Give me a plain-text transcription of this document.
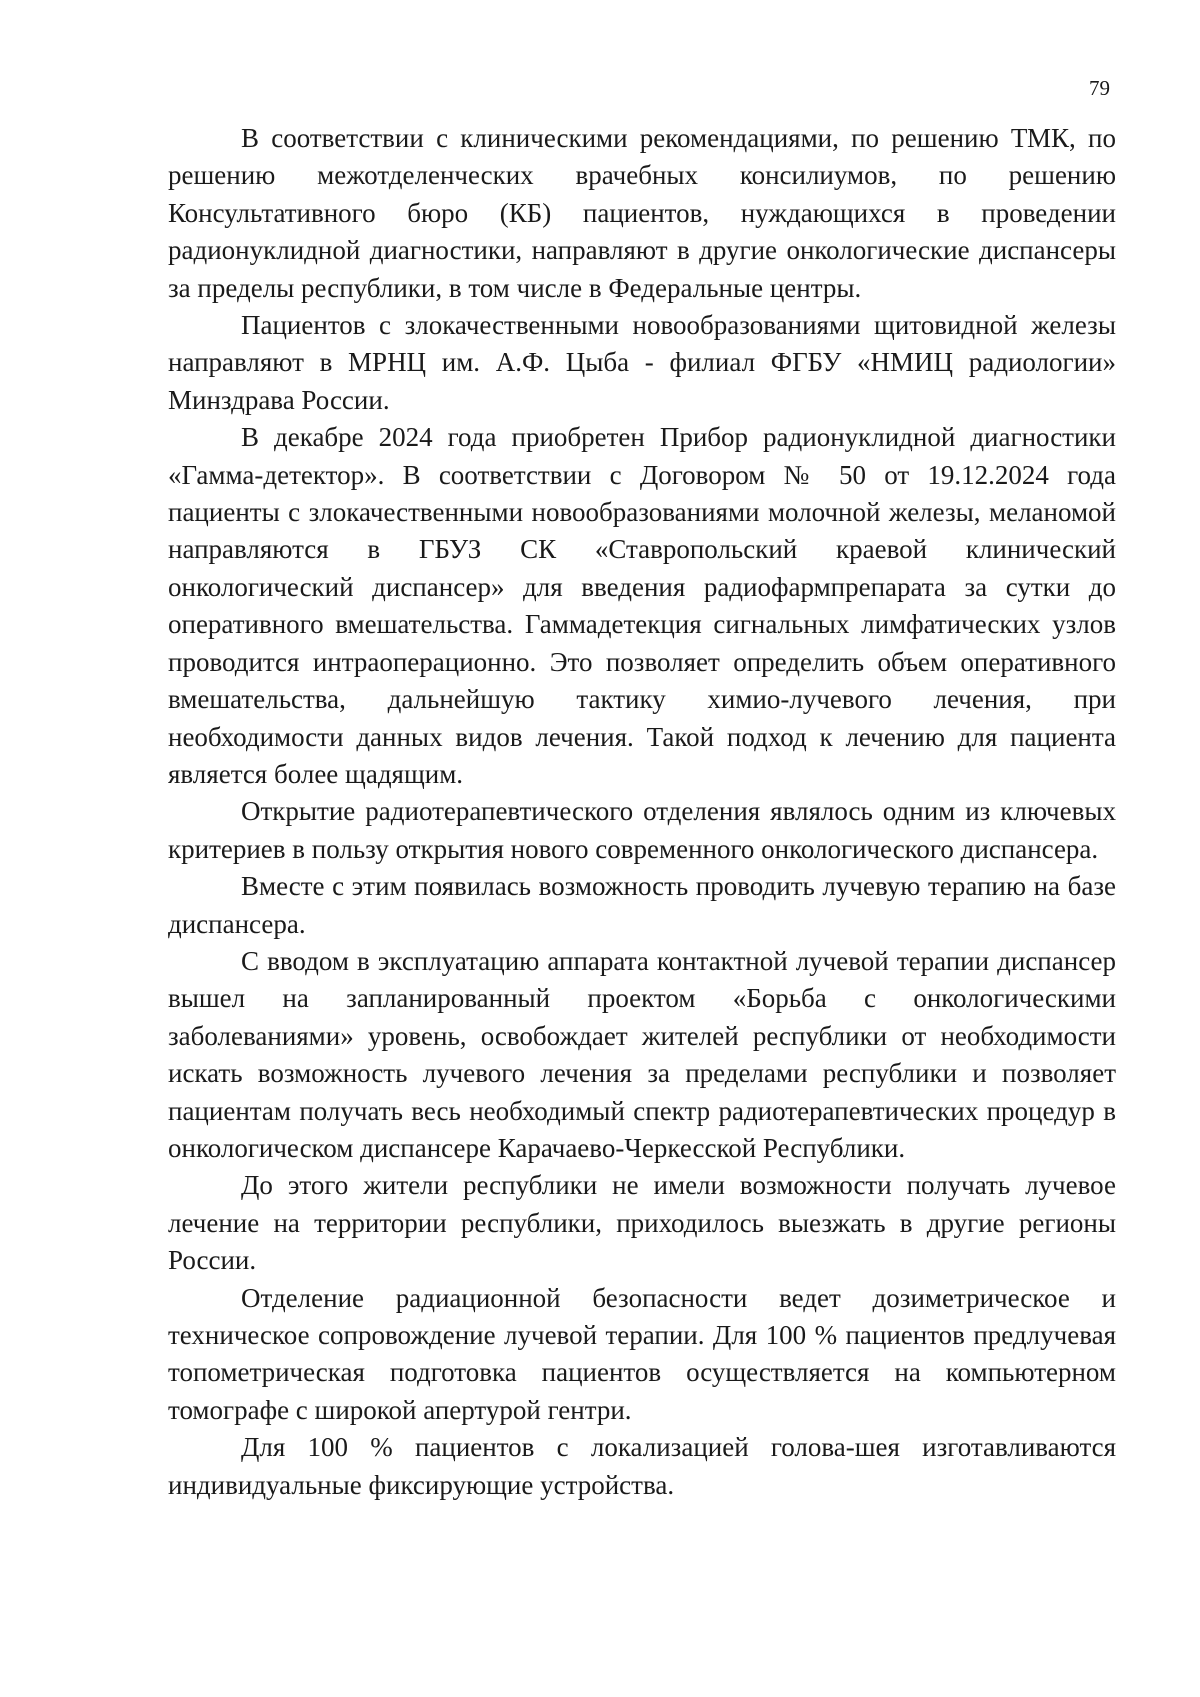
79

В соответствии с клиническими рекомендациями, по решению ТМК, по решению межотделенческих врачебных консилиумов, по решению Консультативного бюро (КБ) пациентов, нуждающихся в проведении радионуклидной диагностики, направляют в другие онкологические диспансеры за пределы республики, в том числе в Федеральные центры.

Пациентов с злокачественными новообразованиями щитовидной железы направляют в МРНЦ им. А.Ф. Цыба - филиал ФГБУ «НМИЦ радиологии» Минздрава России.

В декабре 2024 года приобретен Прибор радионуклидной диагностики «Гамма-детектор». В соответствии с Договором № 50 от 19.12.2024 года пациенты с злокачественными новообразованиями молочной железы, меланомой направляются в ГБУЗ СК «Ставропольский краевой клинический онкологический диспансер» для введения радиофармпрепарата за сутки до оперативного вмешательства. Гаммадетекция сигнальных лимфатических узлов проводится интраоперационно. Это позволяет определить объем оперативного вмешательства, дальнейшую тактику химио-лучевого лечения, при необходимости данных видов лечения. Такой подход к лечению для пациента является более щадящим.

Открытие радиотерапевтического отделения являлось одним из ключевых критериев в пользу открытия нового современного онкологического диспансера.

Вместе с этим появилась возможность проводить лучевую терапию на базе диспансера.

С вводом в эксплуатацию аппарата контактной лучевой терапии диспансер вышел на запланированный проектом «Борьба с онкологическими заболеваниями» уровень, освобождает жителей республики от необходимости искать возможность лучевого лечения за пределами республики и позволяет пациентам получать весь необходимый спектр радиотерапевтических процедур в онкологическом диспансере Карачаево-Черкесской Республики.

До этого жители республики не имели возможности получать лучевое лечение на территории республики, приходилось выезжать в другие регионы России.

Отделение радиационной безопасности ведет дозиметрическое и техническое сопровождение лучевой терапии. Для 100 % пациентов предлучевая топометрическая подготовка пациентов осуществляется на компьютерном томографе с широкой апертурой гентри.

Для 100 % пациентов с локализацией голова-шея изготавливаются индивидуальные фиксирующие устройства.
